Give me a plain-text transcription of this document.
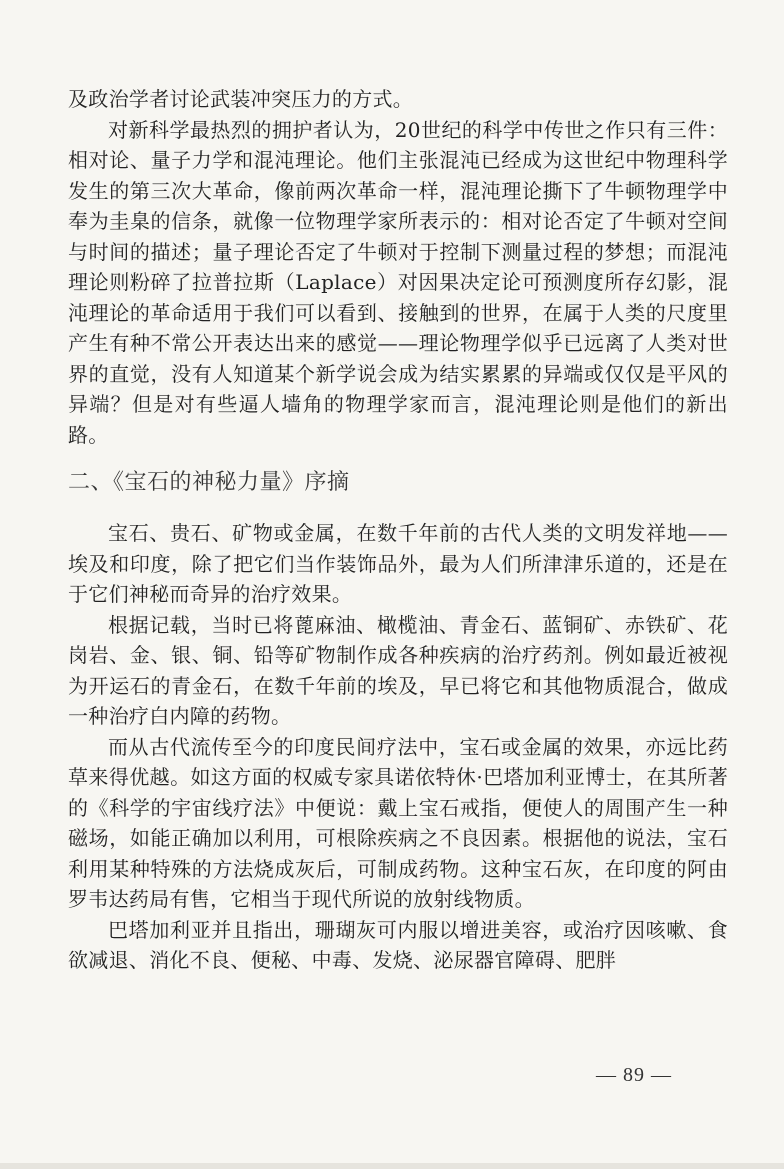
及政治学者讨论武装冲突压力的方式。

对新科学最热烈的拥护者认为，20世纪的科学中传世之作只有三件：相对论、量子力学和混沌理论。他们主张混沌已经成为这世纪中物理科学发生的第三次大革命，像前两次革命一样，混沌理论撕下了牛顿物理学中奉为圭臬的信条，就像一位物理学家所表示的：相对论否定了牛顿对空间与时间的描述；量子理论否定了牛顿对于控制下测量过程的梦想；而混沌理论则粉碎了拉普拉斯（Laplace）对因果决定论可预测度所存幻影，混沌理论的革命适用于我们可以看到、接触到的世界，在属于人类的尺度里产生有种不常公开表达出来的感觉——理论物理学似乎已远离了人类对世界的直觉，没有人知道某个新学说会成为结实累累的异端或仅仅是平风的异端？但是对有些逼人墙角的物理学家而言，混沌理论则是他们的新出路。

二、《宝石的神秘力量》序摘

宝石、贵石、矿物或金属，在数千年前的古代人类的文明发祥地——埃及和印度，除了把它们当作装饰品外，最为人们所津津乐道的，还是在于它们神秘而奇异的治疗效果。

根据记载，当时已将蓖麻油、橄榄油、青金石、蓝铜矿、赤铁矿、花岗岩、金、银、铜、铅等矿物制作成各种疾病的治疗药剂。例如最近被视为开运石的青金石，在数千年前的埃及，早已将它和其他物质混合，做成一种治疗白内障的药物。

而从古代流传至今的印度民间疗法中，宝石或金属的效果，亦远比药草来得优越。如这方面的权威专家具诺依特休·巴塔加利亚博士，在其所著的《科学的宇宙线疗法》中便说：戴上宝石戒指，便使人的周围产生一种磁场，如能正确加以利用，可根除疾病之不良因素。根据他的说法，宝石利用某种特殊的方法烧成灰后，可制成药物。这种宝石灰，在印度的阿由罗韦达药局有售，它相当于现代所说的放射线物质。

巴塔加利亚并且指出，珊瑚灰可内服以增进美容，或治疗因咳嗽、食欲减退、消化不良、便秘、中毒、发烧、泌尿器官障碍、肥胖

— 89 —
